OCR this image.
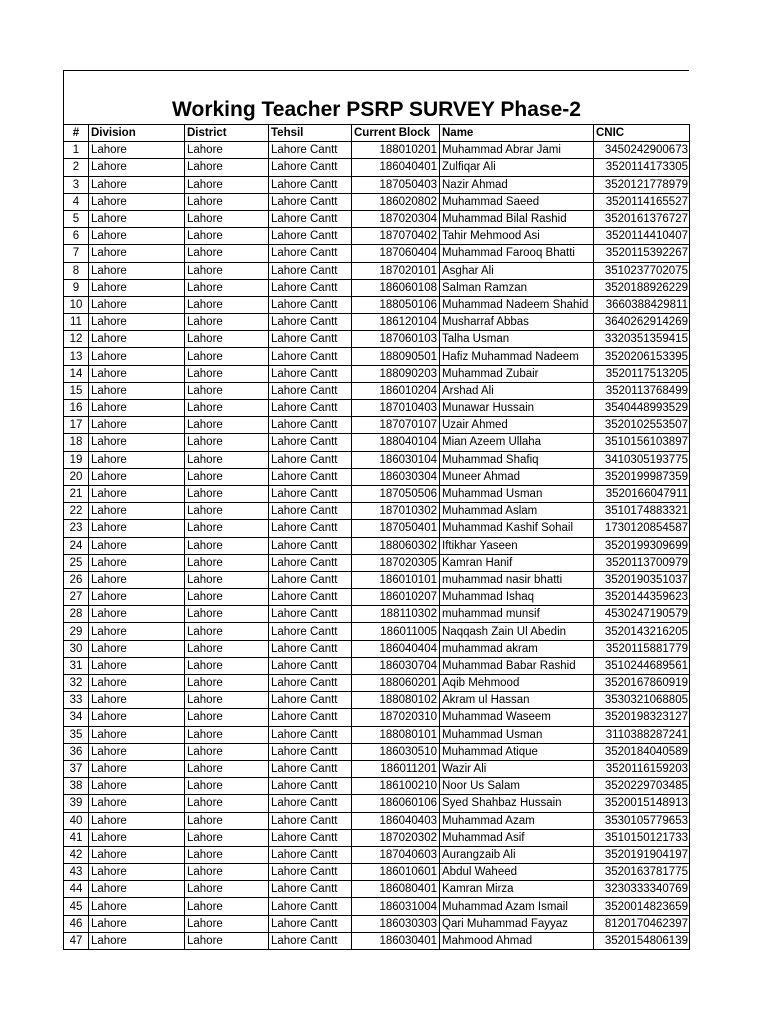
Working Teacher PSRP SURVEY Phase-2
#	Division	District	Tehsil	Current Block	Name	CNIC
1	Lahore	Lahore	Lahore Cantt	188010201	Muhammad Abrar Jami	3450242900673
2	Lahore	Lahore	Lahore Cantt	186040401	Zulfiqar Ali	3520114173305
3	Lahore	Lahore	Lahore Cantt	187050403	Nazir Ahmad	3520121778979
4	Lahore	Lahore	Lahore Cantt	186020802	Muhammad Saeed	3520114165527
5	Lahore	Lahore	Lahore Cantt	187020304	Muhammad Bilal Rashid	3520161376727
6	Lahore	Lahore	Lahore Cantt	187070402	Tahir Mehmood Asi	3520114410407
7	Lahore	Lahore	Lahore Cantt	187060404	Muhammad Farooq Bhatti	3520115392267
8	Lahore	Lahore	Lahore Cantt	187020101	Asghar Ali	3510237702075
9	Lahore	Lahore	Lahore Cantt	186060108	Salman Ramzan	3520188926229
10	Lahore	Lahore	Lahore Cantt	188050106	Muhammad Nadeem Shahid	3660388429811
11	Lahore	Lahore	Lahore Cantt	186120104	Musharraf Abbas	3640262914269
12	Lahore	Lahore	Lahore Cantt	187060103	Talha Usman	3320351359415
13	Lahore	Lahore	Lahore Cantt	188090501	Hafiz Muhammad Nadeem	3520206153395
14	Lahore	Lahore	Lahore Cantt	188090203	Muhammad Zubair	3520117513205
15	Lahore	Lahore	Lahore Cantt	186010204	Arshad Ali	3520113768499
16	Lahore	Lahore	Lahore Cantt	187010403	Munawar Hussain	3540448993529
17	Lahore	Lahore	Lahore Cantt	187070107	Uzair Ahmed	3520102553507
18	Lahore	Lahore	Lahore Cantt	188040104	Mian Azeem Ullaha	3510156103897
19	Lahore	Lahore	Lahore Cantt	186030104	Muhammad Shafiq	3410305193775
20	Lahore	Lahore	Lahore Cantt	186030304	Muneer Ahmad	3520199987359
21	Lahore	Lahore	Lahore Cantt	187050506	Muhammad Usman	3520166047911
22	Lahore	Lahore	Lahore Cantt	187010302	Muhammad Aslam	3510174883321
23	Lahore	Lahore	Lahore Cantt	187050401	Muhammad Kashif Sohail	1730120854587
24	Lahore	Lahore	Lahore Cantt	188060302	Iftikhar Yaseen	3520199309699
25	Lahore	Lahore	Lahore Cantt	187020305	Kamran Hanif	3520113700979
26	Lahore	Lahore	Lahore Cantt	186010101	muhammad nasir bhatti	3520190351037
27	Lahore	Lahore	Lahore Cantt	186010207	Muhammad Ishaq	3520144359623
28	Lahore	Lahore	Lahore Cantt	188110302	muhammad munsif	4530247190579
29	Lahore	Lahore	Lahore Cantt	186011005	Naqqash Zain Ul Abedin	3520143216205
30	Lahore	Lahore	Lahore Cantt	186040404	muhammad akram	3520115881779
31	Lahore	Lahore	Lahore Cantt	186030704	Muhammad Babar Rashid	3510244689561
32	Lahore	Lahore	Lahore Cantt	188060201	Aqib Mehmood	3520167860919
33	Lahore	Lahore	Lahore Cantt	188080102	Akram ul Hassan	3530321068805
34	Lahore	Lahore	Lahore Cantt	187020310	Muhammad Waseem	3520198323127
35	Lahore	Lahore	Lahore Cantt	188080101	Muhammad Usman	3110388287241
36	Lahore	Lahore	Lahore Cantt	186030510	Muhammad Atique	3520184040589
37	Lahore	Lahore	Lahore Cantt	186011201	Wazir Ali	3520116159203
38	Lahore	Lahore	Lahore Cantt	186100210	Noor Us Salam	3520229703485
39	Lahore	Lahore	Lahore Cantt	186060106	Syed Shahbaz Hussain	3520015148913
40	Lahore	Lahore	Lahore Cantt	186040403	Muhammad Azam	3530105779653
41	Lahore	Lahore	Lahore Cantt	187020302	Muhammad Asif	3510150121733
42	Lahore	Lahore	Lahore Cantt	187040603	Aurangzaib Ali	3520191904197
43	Lahore	Lahore	Lahore Cantt	186010601	Abdul Waheed	3520163781775
44	Lahore	Lahore	Lahore Cantt	186080401	Kamran Mirza	3230333340769
45	Lahore	Lahore	Lahore Cantt	186031004	Muhammad Azam Ismail	3520014823659
46	Lahore	Lahore	Lahore Cantt	186030303	Qari Muhammad Fayyaz	8120170462397
47	Lahore	Lahore	Lahore Cantt	186030401	Mahmood Ahmad	3520154806139
